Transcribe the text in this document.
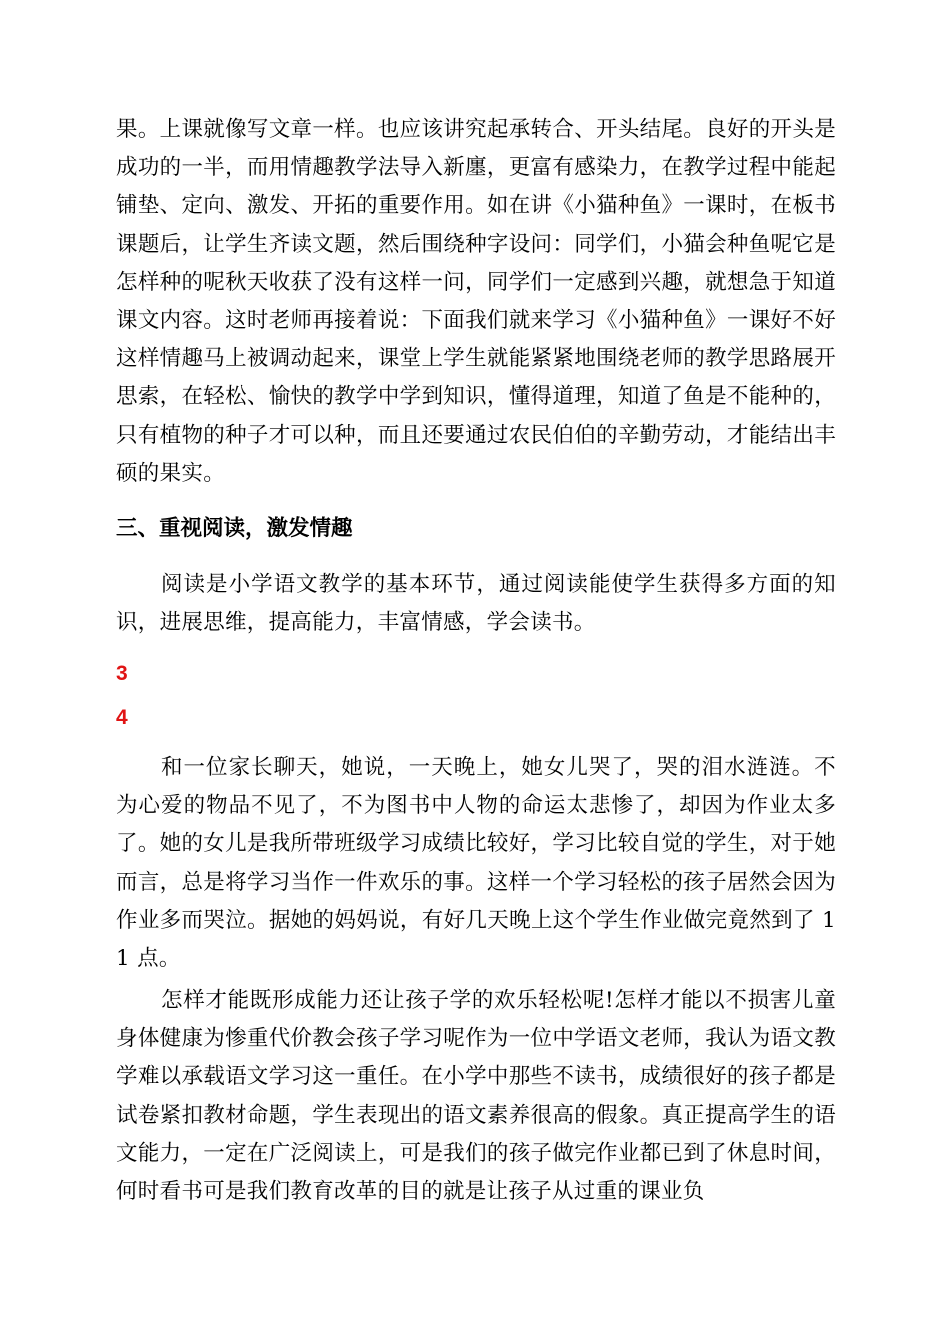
果。上课就像写文章一样。也应该讲究起承转合、开头结尾。良好的开头是成功的一半，而用情趣教学法导入新廛，更富有感染力，在教学过程中能起铺垫、定向、激发、开拓的重要作用。如在讲《小猫种鱼》一课时，在板书课题后，让学生齐读文题，然后围绕种字设问：同学们，小猫会种鱼呢它是怎样种的呢秋天收获了没有这样一问，同学们一定感到兴趣，就想急于知道课文内容。这时老师再接着说：下面我们就来学习《小猫种鱼》一课好不好这样情趣马上被调动起来，课堂上学生就能紧紧地围绕老师的教学思路展开思索，在轻松、愉快的教学中学到知识，懂得道理，知道了鱼是不能种的，只有植物的种子才可以种，而且还要通过农民伯伯的辛勤劳动，才能结出丰硕的果实。

三、重视阅读，激发情趣

阅读是小学语文教学的基本环节，通过阅读能使学生获得多方面的知识，进展思维，提高能力，丰富情感，学会读书。

3
4

和一位家长聊天，她说，一天晚上，她女儿哭了，哭的泪水涟涟。不为心爱的物品不见了，不为图书中人物的命运太悲惨了，却因为作业太多了。她的女儿是我所带班级学习成绩比较好，学习比较自觉的学生，对于她而言，总是将学习当作一件欢乐的事。这样一个学习轻松的孩子居然会因为作业多而哭泣。据她的妈妈说，有好几天晚上这个学生作业做完竟然到了 11 点。

怎样才能既形成能力还让孩子学的欢乐轻松呢!怎样才能以不损害儿童身体健康为惨重代价教会孩子学习呢作为一位中学语文老师，我认为语文教学难以承载语文学习这一重任。在小学中那些不读书，成绩很好的孩子都是试卷紧扣教材命题，学生表现出的语文素养很高的假象。真正提高学生的语文能力，一定在广泛阅读上，可是我们的孩子做完作业都已到了休息时间，何时看书可是我们教育改革的目的就是让孩子从过重的课业负
